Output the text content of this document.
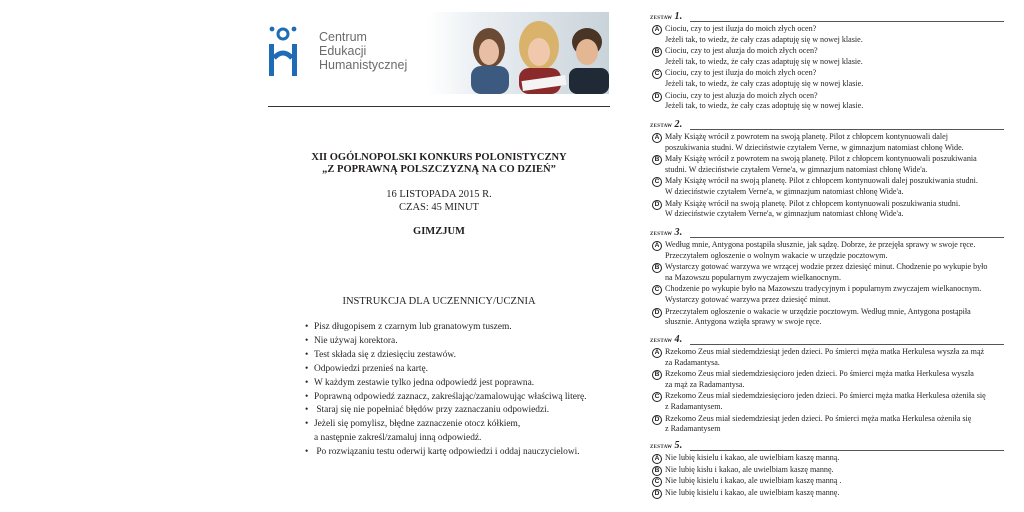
Centrum
Edukacji
Humanistycznej
XII OGÓLNOPOLSKI KONKURS POLONISTYCZNY
„Z POPRAWNĄ POLSZCZYZNĄ NA CO DZIEŃ”
16 LISTOPADA 2015 R.
CZAS: 45 MINUT
GIMZJUM
INSTRUKCJA DLA UCZENNICY/UCZNIA
• Pisz długopisem z czarnym lub granatowym tuszem.
• Nie używaj korektora.
• Test składa się z dziesięciu zestawów.
• Odpowiedzi przenieś na kartę.
• W każdym zestawie tylko jedna odpowiedź jest poprawna.
• Poprawną odpowiedź zaznacz, zakreślając/zamalowując właściwą literę.
•  Staraj się nie popełniać błędów przy zaznaczaniu odpowiedzi.
• Jeżeli się pomylisz, błędne zaznaczenie otocz kółkiem,
a następnie zakreśl/zamaluj inną odpowiedź.
•  Po rozwiązaniu testu oderwij kartę odpowiedzi i oddaj nauczycielowi.
zestaw 1.
A Ciociu, czy to jest iluzja do moich złych ocen?
Jeżeli tak, to wiedz, że cały czas adaptuję się w nowej klasie.
B Ciociu, czy to jest aluzja do moich złych ocen?
Jeżeli tak, to wiedz, że cały czas adaptuję się w nowej klasie.
C Ciociu, czy to jest iluzja do moich złych ocen?
Jeżeli tak, to wiedz, że cały czas adoptuję się w nowej klasie.
D Ciociu, czy to jest aluzja do moich złych ocen?
Jeżeli tak, to wiedz, że cały czas adoptuję się w nowej klasie.
zestaw 2.
A Mały Książę wrócił z powrotem na swoją planetę. Pilot z chłopcem kontynuowali dalej
poszukiwania studni. W dzieciństwie czytałem Verne, w gimnazjum natomiast chłonę Wide.
B Mały Książę wrócił z powrotem na swoją planetę. Pilot z chłopcem kontynuowali poszukiwania
studni. W dzieciństwie czytałem Verne'a, w gimnazjum natomiast chłonę Wide'a.
C Mały Książę wrócił na swoją planetę. Pilot z chłopcem kontynuowali dalej poszukiwania studni.
W dzieciństwie czytałem Verne'a, w gimnazjum natomiast chłonę Wide'a.
D Mały Książę wrócił na swoją planetę. Pilot z chłopcem kontynuowali poszukiwania studni.
W dzieciństwie czytałem Verne'a, w gimnazjum natomiast chłonę Wide'a.
zestaw 3.
A Według mnie, Antygona postąpiła słusznie, jak sądzę. Dobrze, że przejęła sprawy w swoje ręce.
Przeczytałem ogłoszenie o wolnym wakacie w urzędzie pocztowym.
B Wystarczy gotować warzywa we wrzącej wodzie przez dziesięć minut. Chodzenie po wykupie było
na Mazowszu popularnym zwyczajem wielkanocnym.
C Chodzenie po wykupie było na Mazowszu tradycyjnym i popularnym zwyczajem wielkanocnym.
Wystarczy gotować warzywa przez dziesięć minut.
D Przeczytałem ogłoszenie o wakacie w urzędzie pocztowym. Według mnie, Antygona postąpiła
słusznie. Antygona wzięła sprawy w swoje ręce.
zestaw 4.
A Rzekomo Zeus miał siedemdziesiąt jeden dzieci. Po śmierci męża matka Herkulesa wyszła za mąż
za Radamantysa.
B Rzekomo Zeus miał siedemdziesięcioro jeden dzieci. Po śmierci męża matka Herkulesa wyszła
za mąż za Radamantysa.
C Rzekomo Zeus miał siedemdziesięcioro jeden dzieci. Po śmierci męża matka Herkulesa ożeniła się
z Radamantysem.
D Rzekomo Zeus miał siedemdziesiąt jeden dzieci. Po śmierci męża matka Herkulesa ożeniła się
z Radamantysem
zestaw 5.
A Nie lubię kisielu i kakao, ale uwielbiam kaszę manną.
B Nie lubię kisłu i kakao, ale uwielbiam kaszę mannę.
C Nie lubię kisielu i kakao, ale uwielbiam kaszę manną .
D Nie lubię kisielu i kakao, ale uwielbiam kaszę mannę.
